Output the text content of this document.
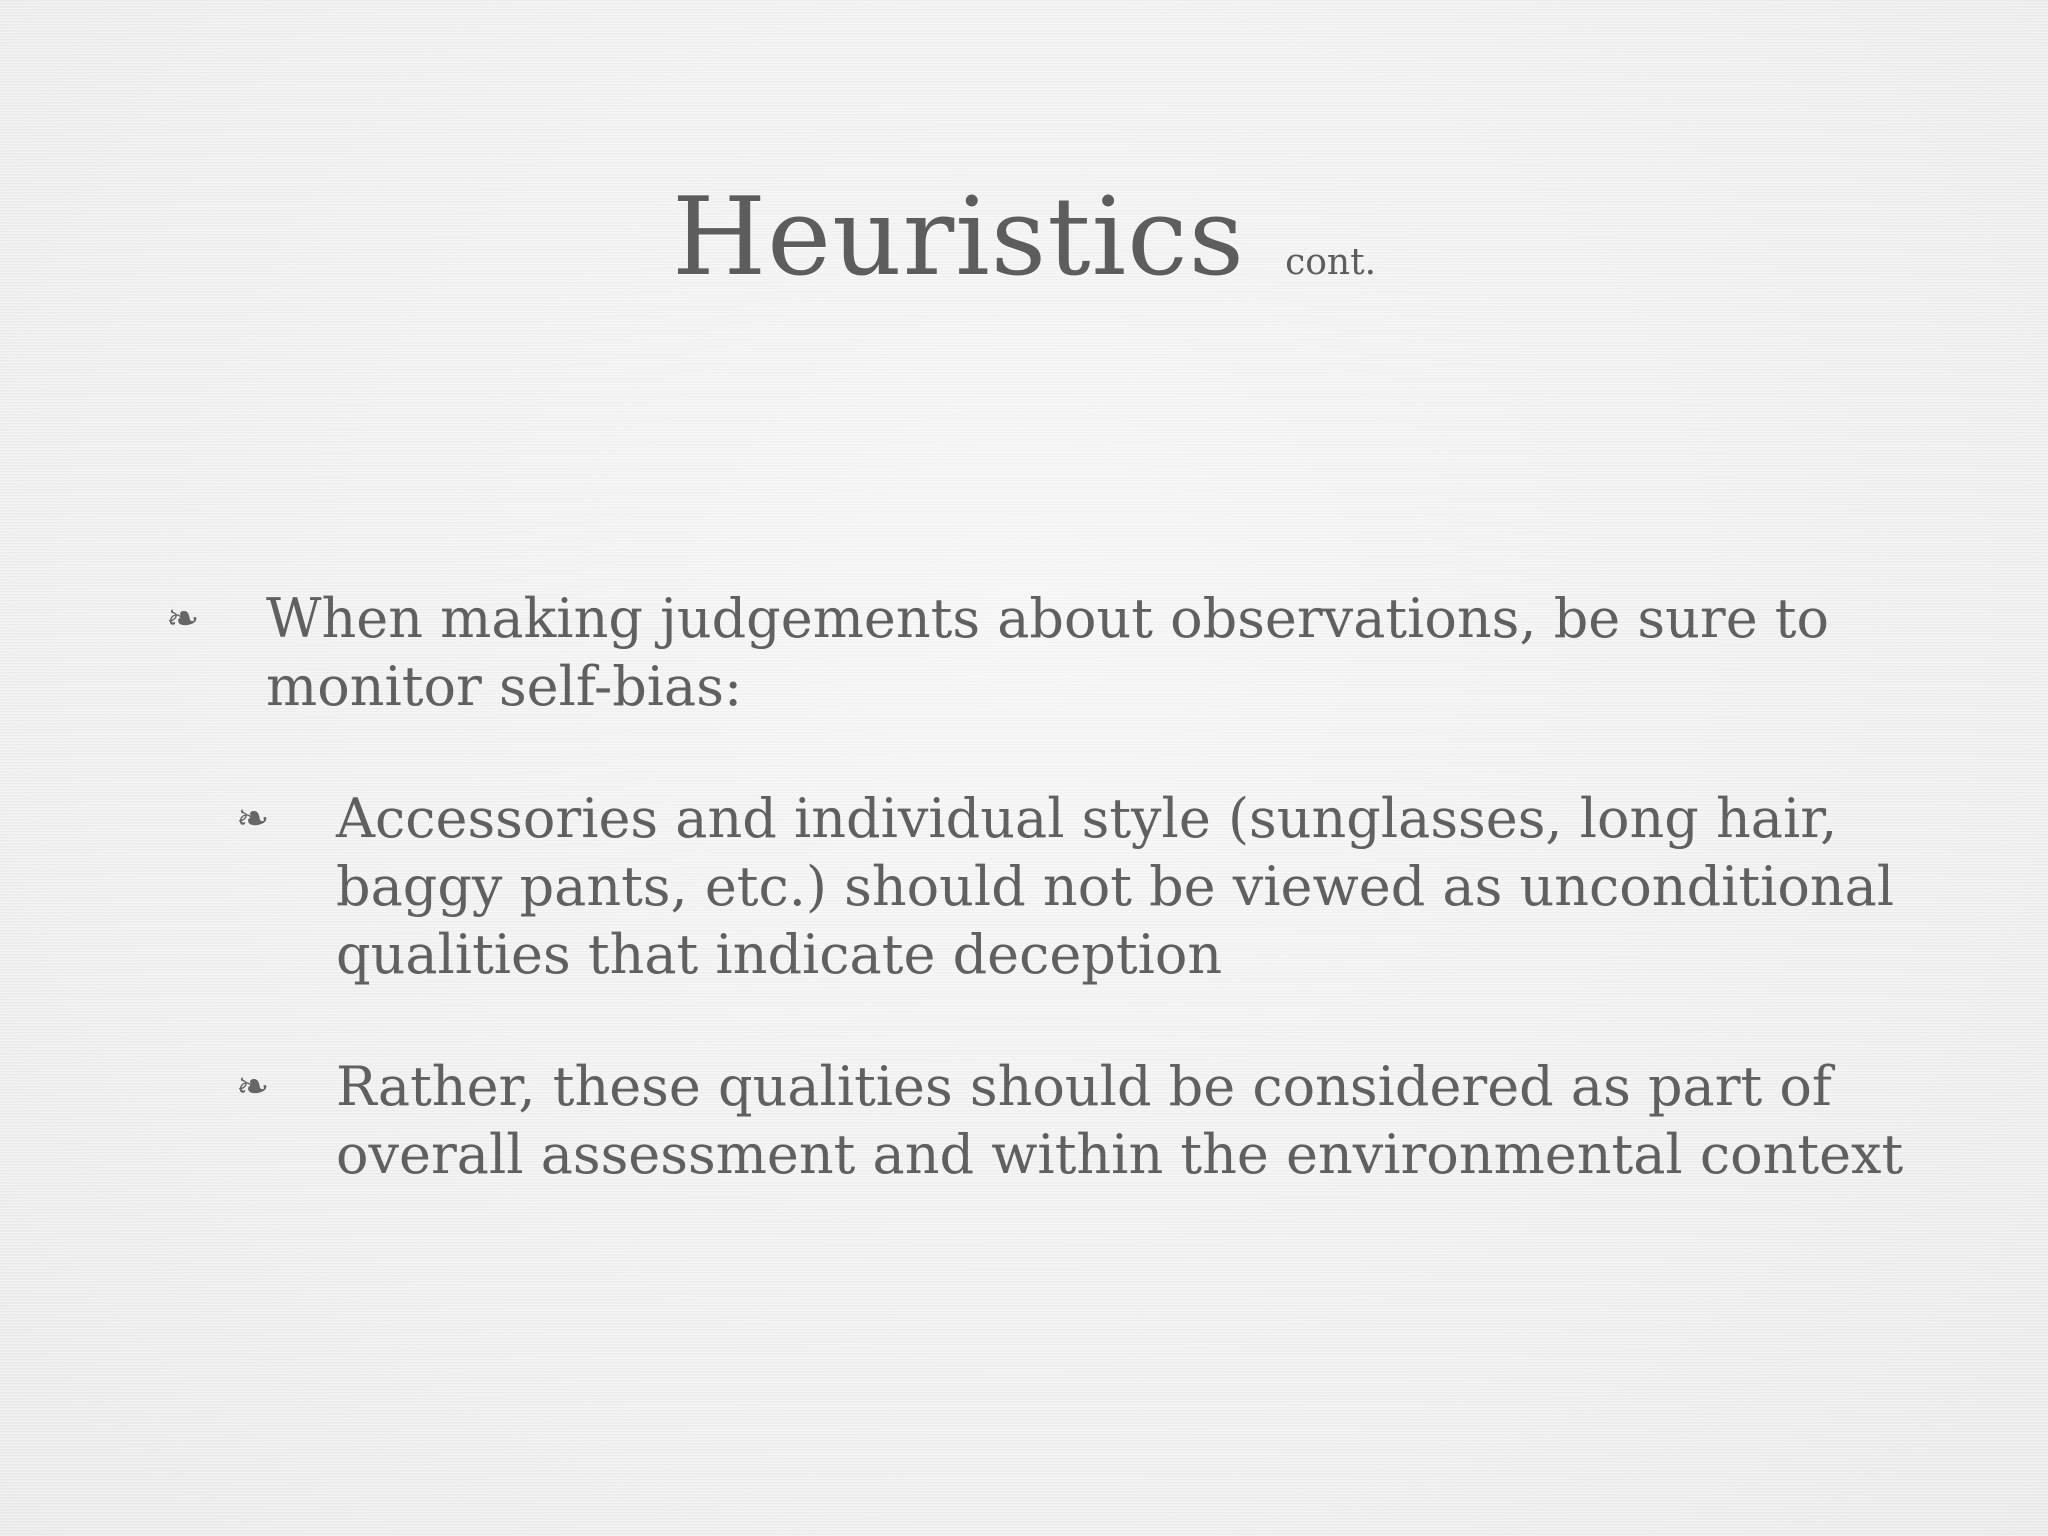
Heuristics cont.
❧ When making judgements about observations, be sure to
monitor self-bias:
❧ Accessories and individual style (sunglasses, long hair,
baggy pants, etc.) should not be viewed as unconditional
qualities that indicate deception
❧ Rather, these qualities should be considered as part of
overall assessment and within the environmental context
